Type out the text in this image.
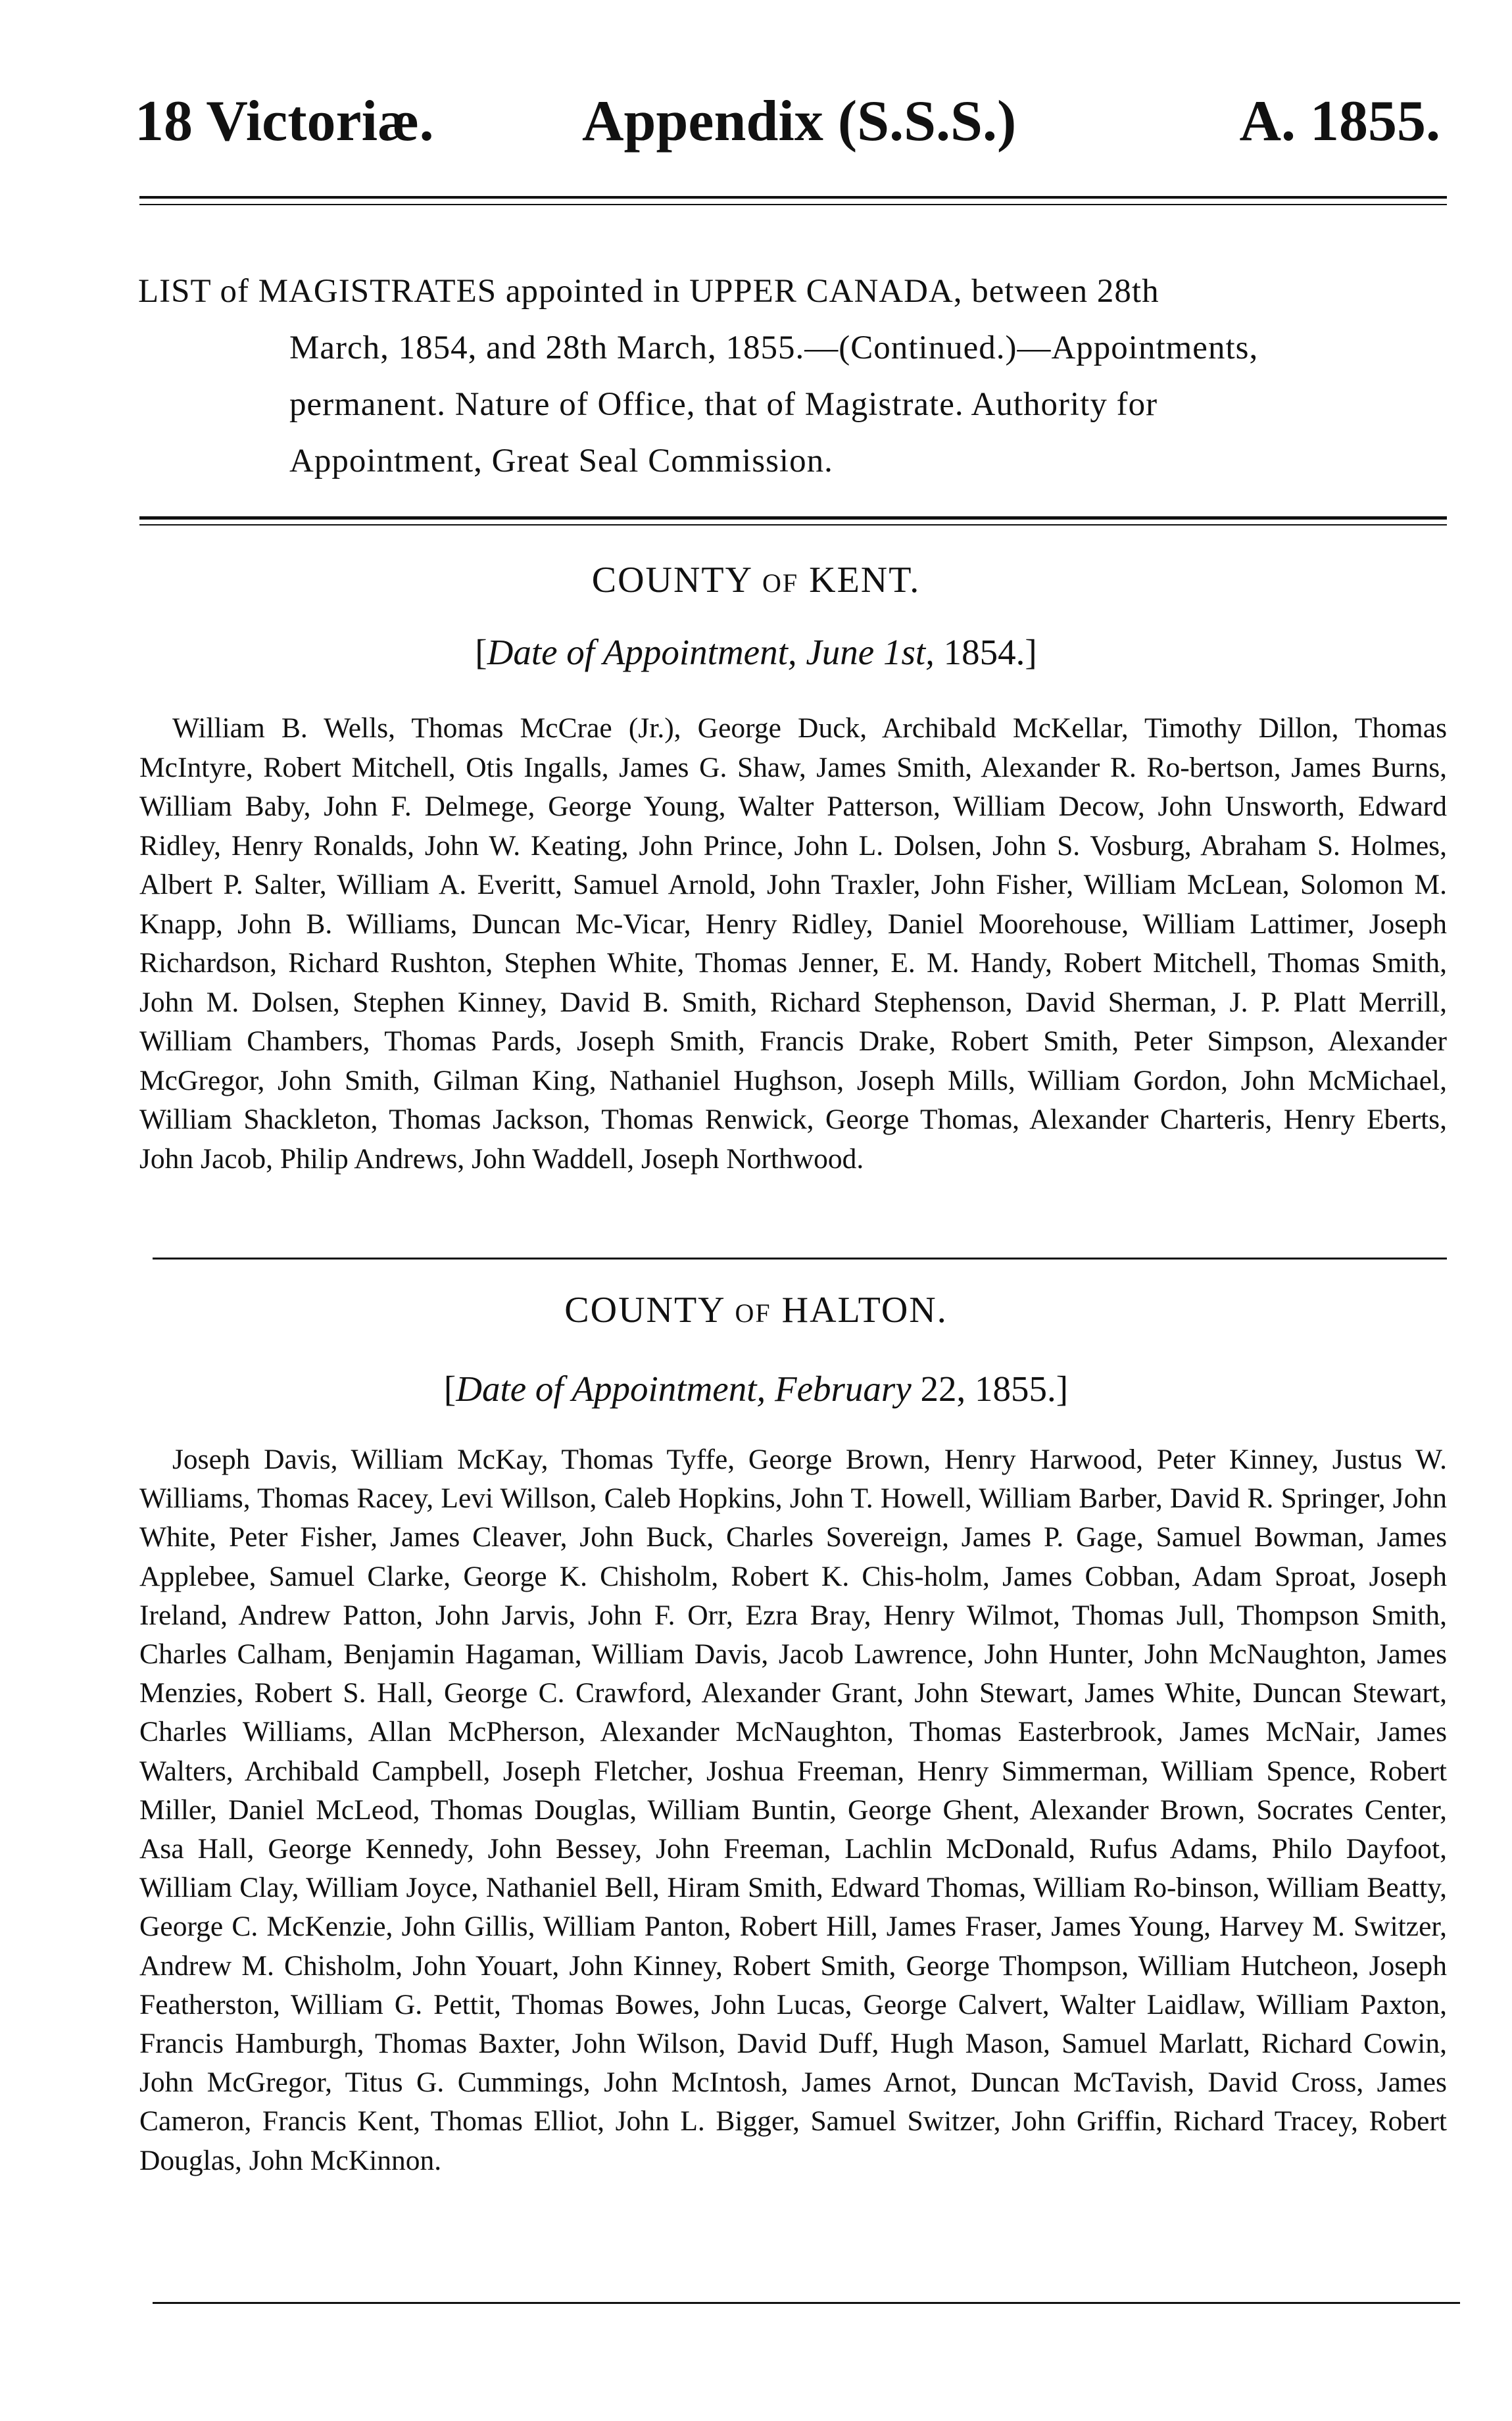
18 Victoriæ.	Appendix (S.S.S.)	A. 1855.
LIST of MAGISTRATES appointed in UPPER CANADA, between 28th
March, 1854, and 28th March, 1855.—(Continued.)—Appointments,
permanent. Nature of Office, that of Magistrate. Authority for
Appointment, Great Seal Commission.
COUNTY OF KENT.
[Date of Appointment, June 1st, 1854.]
William B. Wells, Thomas McCrae (Jr.), George Duck, Archibald McKellar, Timothy Dillon, Thomas McIntyre, Robert Mitchell, Otis Ingalls, James G. Shaw, James Smith, Alexander R. Ro-bertson, James Burns, William Baby, John F. Delmege, George Young, Walter Patterson, William Decow, John Unsworth, Edward Ridley, Henry Ronalds, John W. Keating, John Prince, John L. Dolsen, John S. Vosburg, Abraham S. Holmes, Albert P. Salter, William A. Everitt, Samuel Arnold, John Traxler, John Fisher, William McLean, Solomon M. Knapp, John B. Williams, Duncan Mc-Vicar, Henry Ridley, Daniel Moorehouse, William Lattimer, Joseph Richardson, Richard Rushton, Stephen White, Thomas Jenner, E. M. Handy, Robert Mitchell, Thomas Smith, John M. Dolsen, Stephen Kinney, David B. Smith, Richard Stephenson, David Sherman, J. P. Platt Merrill, William Chambers, Thomas Pards, Joseph Smith, Francis Drake, Robert Smith, Peter Simpson, Alexander McGregor, John Smith, Gilman King, Nathaniel Hughson, Joseph Mills, William Gordon, John McMichael, William Shackleton, Thomas Jackson, Thomas Renwick, George Thomas, Alexander Charteris, Henry Eberts, John Jacob, Philip Andrews, John Waddell, Joseph Northwood.
COUNTY OF HALTON.
[Date of Appointment, February 22, 1855.]
Joseph Davis, William McKay, Thomas Tyffe, George Brown, Henry Harwood, Peter Kinney, Justus W. Williams, Thomas Racey, Levi Willson, Caleb Hopkins, John T. Howell, William Barber, David R. Springer, John White, Peter Fisher, James Cleaver, John Buck, Charles Sovereign, James P. Gage, Samuel Bowman, James Applebee, Samuel Clarke, George K. Chisholm, Robert K. Chis-holm, James Cobban, Adam Sproat, Joseph Ireland, Andrew Patton, John Jarvis, John F. Orr, Ezra Bray, Henry Wilmot, Thomas Jull, Thompson Smith, Charles Calham, Benjamin Hagaman, William Davis, Jacob Lawrence, John Hunter, John McNaughton, James Menzies, Robert S. Hall, George C. Crawford, Alexander Grant, John Stewart, James White, Duncan Stewart, Charles Williams, Allan McPherson, Alexander McNaughton, Thomas Easterbrook, James McNair, James Walters, Archibald Campbell, Joseph Fletcher, Joshua Freeman, Henry Simmerman, William Spence, Robert Miller, Daniel McLeod, Thomas Douglas, William Buntin, George Ghent, Alexander Brown, Socrates Center, Asa Hall, George Kennedy, John Bessey, John Freeman, Lachlin McDonald, Rufus Adams, Philo Dayfoot, William Clay, William Joyce, Nathaniel Bell, Hiram Smith, Edward Thomas, William Ro-binson, William Beatty, George C. McKenzie, John Gillis, William Panton, Robert Hill, James Fraser, James Young, Harvey M. Switzer, Andrew M. Chisholm, John Youart, John Kinney, Robert Smith, George Thompson, William Hutcheon, Joseph Featherston, William G. Pettit, Thomas Bowes, John Lucas, George Calvert, Walter Laidlaw, William Paxton, Francis Hamburgh, Thomas Baxter, John Wilson, David Duff, Hugh Mason, Samuel Marlatt, Richard Cowin, John McGregor, Titus G. Cummings, John McIntosh, James Arnot, Duncan McTavish, David Cross, James Cameron, Francis Kent, Thomas Elliot, John L. Bigger, Samuel Switzer, John Griffin, Richard Tracey, Robert Douglas, John McKinnon.
